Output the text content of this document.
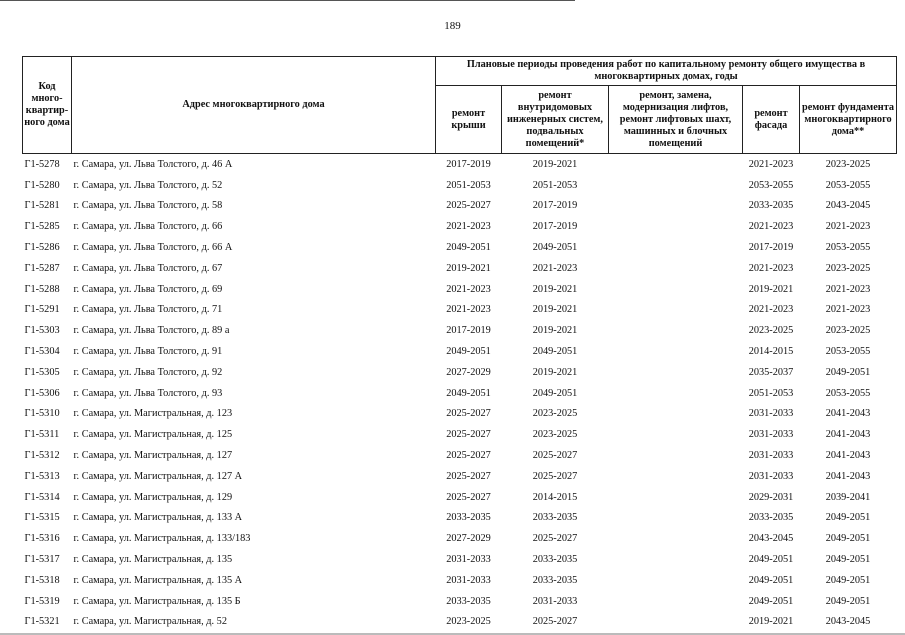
189
Код много-квартир-ного дома	Адрес многоквартирного дома	Плановые периоды проведения работ по капитальному ремонту общего имущества в многоквартирных домах, годы				
		ремонт крыши	ремонт внутридомовых инженерных систем, подвальных помещений*	ремонт, замена, модернизация лифтов, ремонт лифтовых шахт, машинных и блочных помещений	ремонт фасада	ремонт фундамента многоквартирного дома**
Г1-5278	г. Самара, ул. Льва Толстого, д. 46 А	2017-2019	2019-2021		2021-2023	2023-2025
Г1-5280	г. Самара, ул. Льва Толстого, д. 52	2051-2053	2051-2053		2053-2055	2053-2055
Г1-5281	г. Самара, ул. Льва Толстого, д. 58	2025-2027	2017-2019		2033-2035	2043-2045
Г1-5285	г. Самара, ул. Льва Толстого, д. 66	2021-2023	2017-2019		2021-2023	2021-2023
Г1-5286	г. Самара, ул. Льва Толстого, д. 66 А	2049-2051	2049-2051		2017-2019	2053-2055
Г1-5287	г. Самара, ул. Льва Толстого, д. 67	2019-2021	2021-2023		2021-2023	2023-2025
Г1-5288	г. Самара, ул. Льва Толстого, д. 69	2021-2023	2019-2021		2019-2021	2021-2023
Г1-5291	г. Самара, ул. Льва Толстого, д. 71	2021-2023	2019-2021		2021-2023	2021-2023
Г1-5303	г. Самара, ул. Льва Толстого, д. 89 а	2017-2019	2019-2021		2023-2025	2023-2025
Г1-5304	г. Самара, ул. Льва Толстого, д. 91	2049-2051	2049-2051		2014-2015	2053-2055
Г1-5305	г. Самара, ул. Льва Толстого, д. 92	2027-2029	2019-2021		2035-2037	2049-2051
Г1-5306	г. Самара, ул. Льва Толстого, д. 93	2049-2051	2049-2051		2051-2053	2053-2055
Г1-5310	г. Самара, ул. Магистральная, д. 123	2025-2027	2023-2025		2031-2033	2041-2043
Г1-5311	г. Самара, ул. Магистральная, д. 125	2025-2027	2023-2025		2031-2033	2041-2043
Г1-5312	г. Самара, ул. Магистральная, д. 127	2025-2027	2025-2027		2031-2033	2041-2043
Г1-5313	г. Самара, ул. Магистральная, д. 127 А	2025-2027	2025-2027		2031-2033	2041-2043
Г1-5314	г. Самара, ул. Магистральная, д. 129	2025-2027	2014-2015		2029-2031	2039-2041
Г1-5315	г. Самара, ул. Магистральная, д. 133 А	2033-2035	2033-2035		2033-2035	2049-2051
Г1-5316	г. Самара, ул. Магистральная, д. 133/183	2027-2029	2025-2027		2043-2045	2049-2051
Г1-5317	г. Самара, ул. Магистральная, д. 135	2031-2033	2033-2035		2049-2051	2049-2051
Г1-5318	г. Самара, ул. Магистральная, д. 135 А	2031-2033	2033-2035		2049-2051	2049-2051
Г1-5319	г. Самара, ул. Магистральная, д. 135 Б	2033-2035	2031-2033		2049-2051	2049-2051
Г1-5321	г. Самара, ул. Магистральная, д. 52	2023-2025	2025-2027		2019-2021	2043-2045
